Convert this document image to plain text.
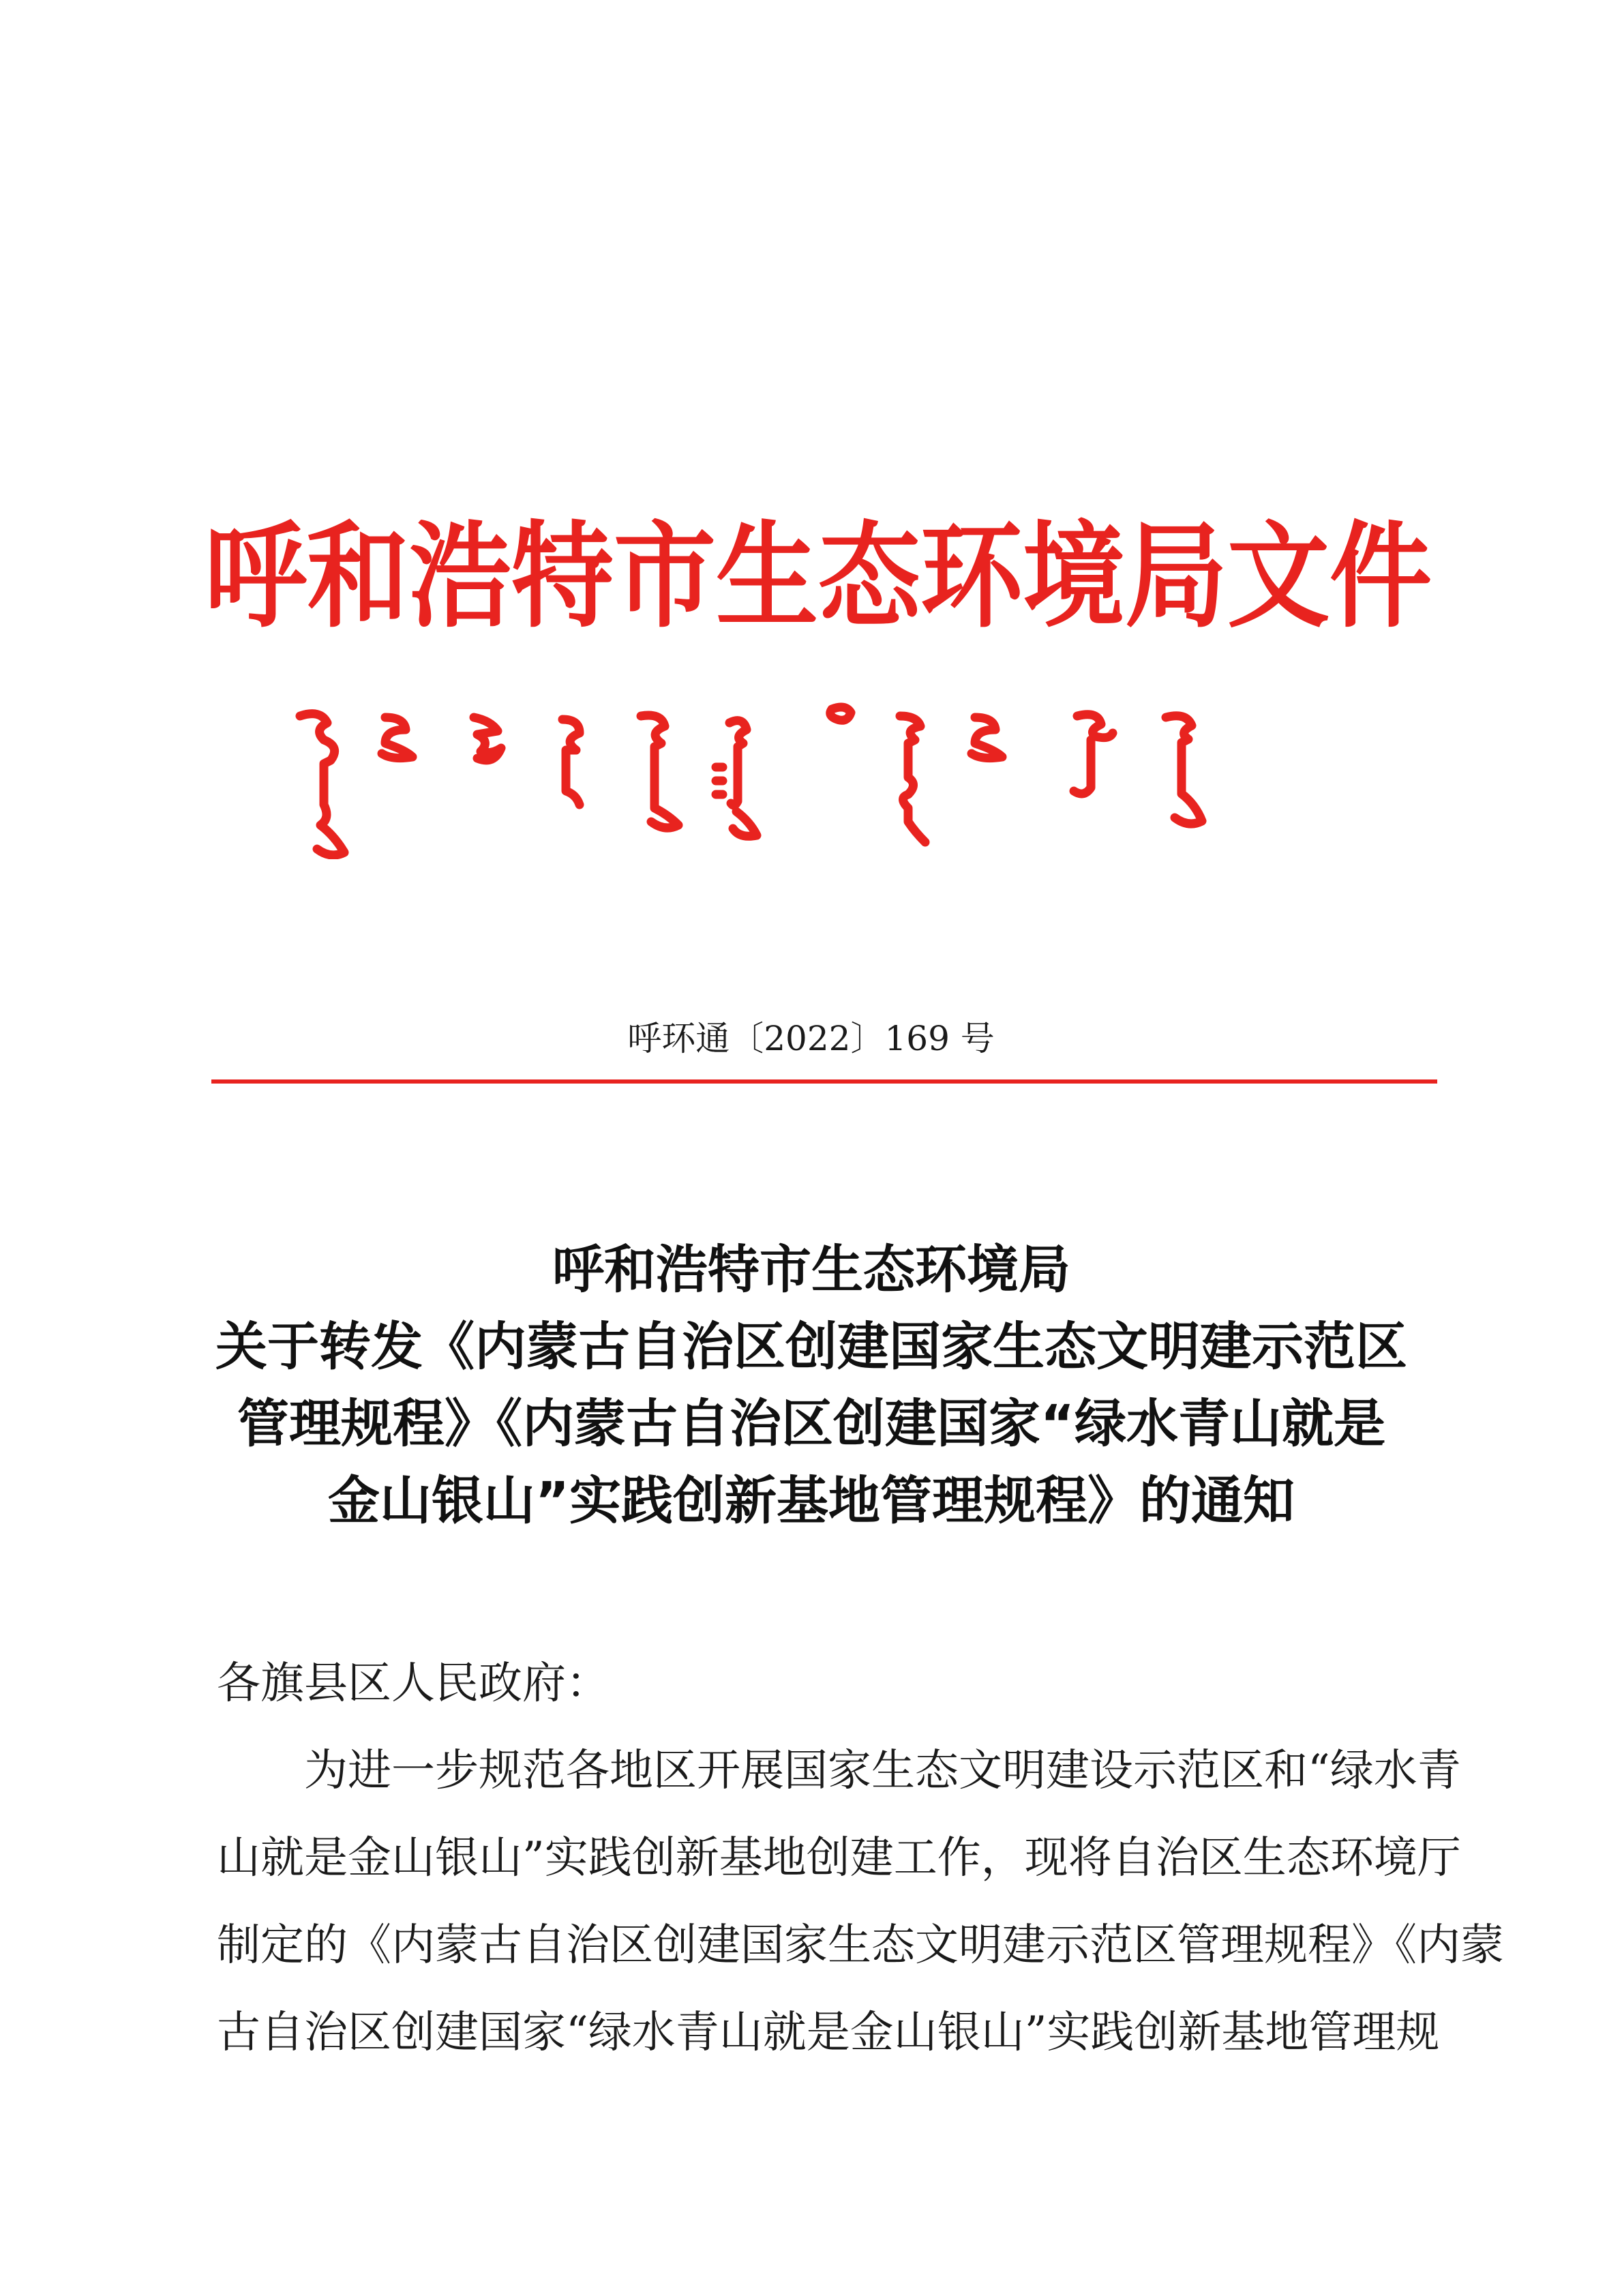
呼和浩特市生态环境局文件
呼环通〔2022〕169 号
呼和浩特市生态环境局
关于转发《内蒙古自治区创建国家生态文明建示范区
管理规程》《内蒙古自治区创建国家“绿水青山就是
金山银山”实践创新基地管理规程》的通知
各旗县区人民政府：
为进一步规范各地区开展国家生态文明建设示范区和“绿水青
山就是金山银山”实践创新基地创建工作，现将自治区生态环境厅
制定的《内蒙古自治区创建国家生态文明建示范区管理规程》《内蒙
古自治区创建国家“绿水青山就是金山银山”实践创新基地管理规
